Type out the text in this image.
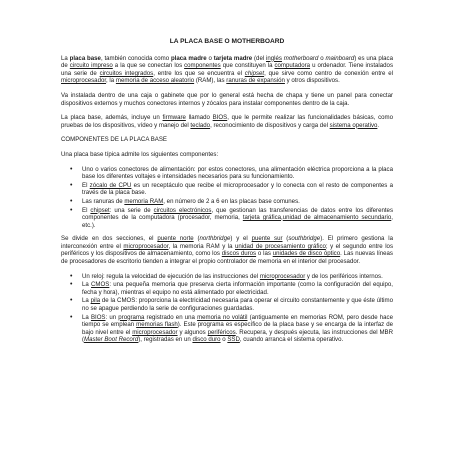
LA PLACA BASE O MOTHERBOARD

La placa base, también conocida como placa madre o tarjeta madre (del inglés motherboard o mainboard) es una placa de circuito impreso a la que se conectan los componentes que constituyen la computadora u ordenador. Tiene instalados una serie de circuitos integrados, entre los que se encuentra el chipset, que sirve como centro de conexión entre el microprocesador, la memoria de acceso aleatorio (RAM), las ranuras de expansión y otros dispositivos.

Va instalada dentro de una caja o gabinete que por lo general está hecha de chapa y tiene un panel para conectar dispositivos externos y muchos conectores internos y zócalos para instalar componentes dentro de la caja.

La placa base, además, incluye un firmware llamado BIOS, que le permite realizar las funcionalidades básicas, como pruebas de los dispositivos, vídeo y manejo del teclado, reconocimiento de dispositivos y carga del sistema operativo.

COMPONENTES DE LA PLACA BASE

Una placa base típica admite los siguientes componentes:

• Uno o varios conectores de alimentación: por estos conectores, una alimentación eléctrica proporciona a la placa base los diferentes voltajes e intensidades necesarios para su funcionamiento.
• El zócalo de CPU es un receptáculo que recibe el microprocesador y lo conecta con el resto de componentes a través de la placa base.
• Las ranuras de memoria RAM, en número de 2 a 6 en las placas base comunes.
• El chipset: una serie de circuitos electrónicos, que gestionan las transferencias de datos entre los diferentes componentes de la computadora (procesador, memoria, tarjeta gráfica,unidad de almacenamiento secundario, etc.).

Se divide en dos secciones, el puente norte (northbridge) y el puente sur (southbridge). El primero gestiona la interconexión entre el microprocesador, la memoria RAM y la unidad de procesamiento gráfico; y el segundo entre los periféricos y los dispositivos de almacenamiento, como los discos duros o las unidades de disco óptico. Las nuevas líneas de procesadores de escritorio tienden a integrar el propio controlador de memoria en el interior del procesador.

• Un reloj: regula la velocidad de ejecución de las instrucciones del microprocesador y de los periféricos internos.
• La CMOS: una pequeña memoria que preserva cierta información importante (como la configuración del equipo, fecha y hora), mientras el equipo no está alimentado por electricidad.
• La pila de la CMOS: proporciona la electricidad necesaria para operar el circuito constantemente y que éste último no se apague perdiendo la serie de configuraciones guardadas.
• La BIOS: un programa registrado en una memoria no volátil (antiguamente en memorias ROM, pero desde hace tiempo se emplean memorias flash). Este programa es específico de la placa base y se encarga de la interfaz de bajo nivel entre el microprocesador y algunos periféricos. Recupera, y después ejecuta, las instrucciones del MBR (Master Boot Record), registradas en un disco duro o SSD, cuando arranca el sistema operativo.
